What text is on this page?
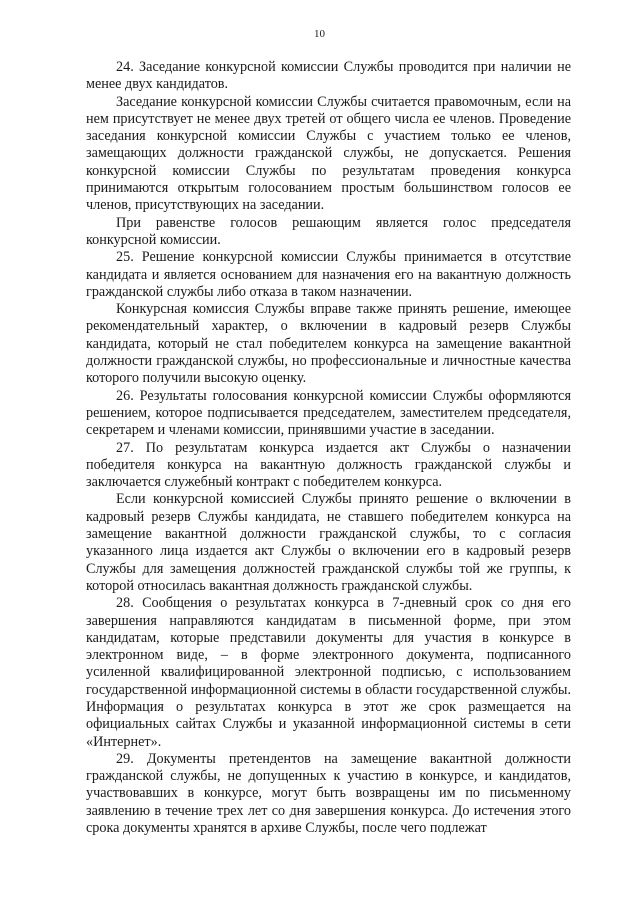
10

24. Заседание конкурсной комиссии Службы проводится при наличии не менее двух кандидатов.

Заседание конкурсной комиссии Службы считается правомочным, если на нем присутствует не менее двух третей от общего числа ее членов. Проведение заседания конкурсной комиссии Службы с участием только ее членов, замещающих должности гражданской службы, не допускается. Решения конкурсной комиссии Службы по результатам проведения конкурса принимаются открытым голосованием простым большинством голосов ее членов, присутствующих на заседании.

При равенстве голосов решающим является голос председателя конкурсной комиссии.

25. Решение конкурсной комиссии Службы принимается в отсутствие кандидата и является основанием для назначения его на вакантную должность гражданской службы либо отказа в таком назначении.

Конкурсная комиссия Службы вправе также принять решение, имеющее рекомендательный характер, о включении в кадровый резерв Службы кандидата, который не стал победителем конкурса на замещение вакантной должности гражданской службы, но профессиональные и личностные качества которого получили высокую оценку.

26. Результаты голосования конкурсной комиссии Службы оформляются решением, которое подписывается председателем, заместителем председателя, секретарем и членами комиссии, принявшими участие в заседании.

27. По результатам конкурса издается акт Службы о назначении победителя конкурса на вакантную должность гражданской службы и заключается служебный контракт с победителем конкурса.

Если конкурсной комиссией Службы принято решение о включении в кадровый резерв Службы кандидата, не ставшего победителем конкурса на замещение вакантной должности гражданской службы, то с согласия указанного лица издается акт Службы о включении его в кадровый резерв Службы для замещения должностей гражданской службы той же группы, к которой относилась вакантная должность гражданской службы.

28. Сообщения о результатах конкурса в 7-дневный срок со дня его завершения направляются кандидатам в письменной форме, при этом кандидатам, которые представили документы для участия в конкурсе в электронном виде, – в форме электронного документа, подписанного усиленной квалифицированной электронной подписью, с использованием государственной информационной системы в области государственной службы. Информация о результатах конкурса в этот же срок размещается на официальных сайтах Службы и указанной информационной системы в сети «Интернет».

29. Документы претендентов на замещение вакантной должности гражданской службы, не допущенных к участию в конкурсе, и кандидатов, участвовавших в конкурсе, могут быть возвращены им по письменному заявлению в течение трех лет со дня завершения конкурса. До истечения этого срока документы хранятся в архиве Службы, после чего подлежат
